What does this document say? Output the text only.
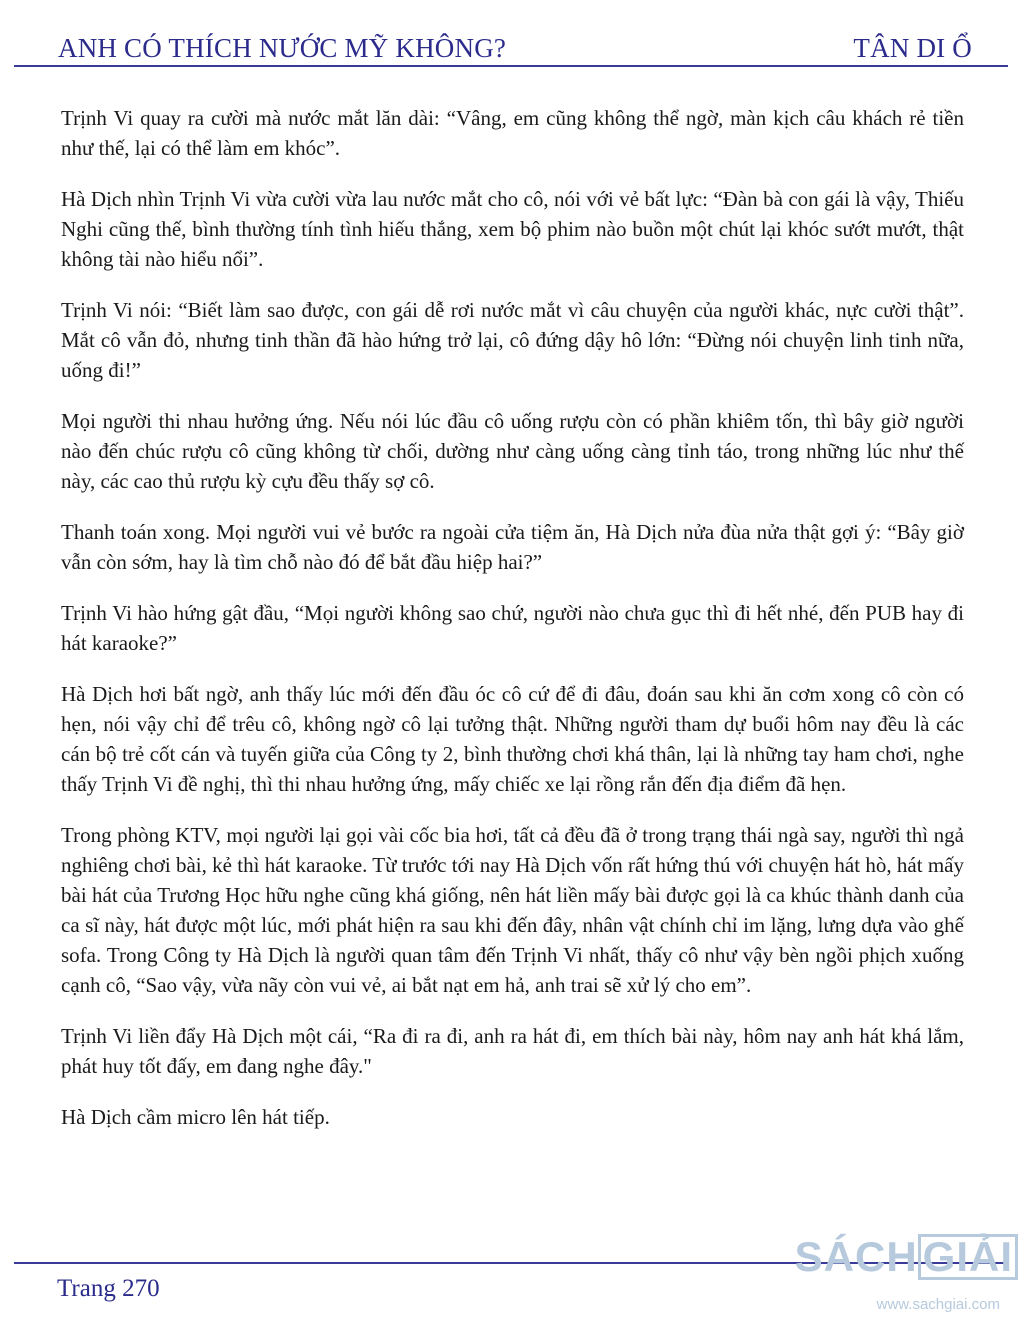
ANH CÓ THÍCH NƯỚC MỸ KHÔNG?	TÂN DI Ổ

Trịnh Vi quay ra cười mà nước mắt lăn dài: “Vâng, em cũng không thể ngờ, màn kịch câu khách rẻ tiền như thế, lại có thể làm em khóc”.

Hà Dịch nhìn Trịnh Vi vừa cười vừa lau nước mắt cho cô, nói với vẻ bất lực: “Đàn bà con gái là vậy, Thiếu Nghi cũng thế, bình thường tính tình hiếu thắng, xem bộ phim nào buồn một chút lại khóc sướt mướt, thật không tài nào hiểu nổi”.

Trịnh Vi nói: “Biết làm sao được, con gái dễ rơi nước mắt vì câu chuyện của người khác, nực cười thật”. Mắt cô vẫn đỏ, nhưng tinh thần đã hào hứng trở lại, cô đứng dậy hô lớn: “Đừng nói chuyện linh tinh nữa, uống đi!”

Mọi người thi nhau hưởng ứng. Nếu nói lúc đầu cô uống rượu còn có phần khiêm tốn, thì bây giờ người nào đến chúc rượu cô cũng không từ chối, dường như càng uống càng tỉnh táo, trong những lúc như thế này, các cao thủ rượu kỳ cựu đều thấy sợ cô.

Thanh toán xong. Mọi người vui vẻ bước ra ngoài cửa tiệm ăn, Hà Dịch nửa đùa nửa thật gợi ý: “Bây giờ vẫn còn sớm, hay là tìm chỗ nào đó để bắt đầu hiệp hai?”

Trịnh Vi hào hứng gật đầu, “Mọi người không sao chứ, người nào chưa gục thì đi hết nhé, đến PUB hay đi hát karaoke?”

Hà Dịch hơi bất ngờ, anh thấy lúc mới đến đầu óc cô cứ để đi đâu, đoán sau khi ăn cơm xong cô còn có hẹn, nói vậy chỉ để trêu cô, không ngờ cô lại tưởng thật. Những người tham dự buổi hôm nay đều là các cán bộ trẻ cốt cán và tuyến giữa của Công ty 2, bình thường chơi khá thân, lại là những tay ham chơi, nghe thấy Trịnh Vi đề nghị, thì thi nhau hưởng ứng, mấy chiếc xe lại rồng rắn đến địa điểm đã hẹn.

Trong phòng KTV, mọi người lại gọi vài cốc bia hơi, tất cả đều đã ở trong trạng thái ngà say, người thì ngả nghiêng chơi bài, kẻ thì hát karaoke. Từ trước tới nay Hà Dịch vốn rất hứng thú với chuyện hát hò, hát mấy bài hát của Trương Học hữu nghe cũng khá giống, nên hát liền mấy bài được gọi là ca khúc thành danh của ca sĩ này, hát được một lúc, mới phát hiện ra sau khi đến đây, nhân vật chính chỉ im lặng, lưng dựa vào ghế sofa. Trong Công ty Hà Dịch là người quan tâm đến Trịnh Vi nhất, thấy cô như vậy bèn ngồi phịch xuống cạnh cô, “Sao vậy, vừa nãy còn vui vẻ, ai bắt nạt em hả, anh trai sẽ xử lý cho em”.

Trịnh Vi liền đẩy Hà Dịch một cái, “Ra đi ra đi, anh ra hát đi, em thích bài này, hôm nay anh hát khá lắm, phát huy tốt đấy, em đang nghe đây."

Hà Dịch cầm micro lên hát tiếp.

Trang 270
SÁCH GIẢI
www.sachgiai.com
